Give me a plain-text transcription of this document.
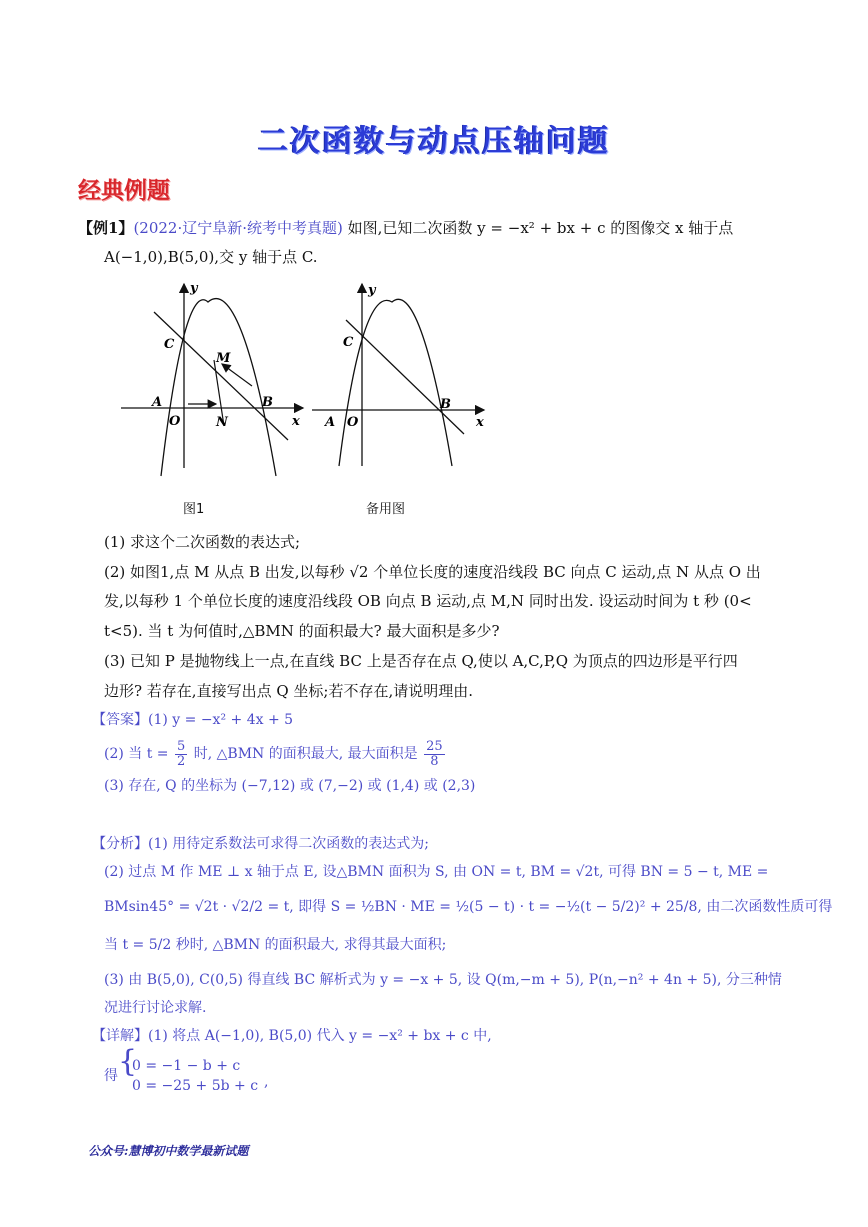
二次函数与动点压轴问题
经典例题
【例1】(2022·辽宁阜新·统考中考真题) 如图,已知二次函数 y = −x² + bx + c 的图像交 x 轴于点
A(−1,0),B(5,0),交 y 轴于点 C.
y
C
M
A	B
O	N	x
图1
y
C
B
A O	x
备用图
(1) 求这个二次函数的表达式;
(2) 如图1,点 M 从点 B 出发,以每秒 √2 个单位长度的速度沿线段 BC 向点 C 运动,点 N 从点 O 出
发,以每秒 1 个单位长度的速度沿线段 OB 向点 B 运动,点 M,N 同时出发. 设运动时间为 t 秒 (0<
t<5). 当 t 为何值时,△BMN 的面积最大? 最大面积是多少?
(3) 已知 P 是抛物线上一点,在直线 BC 上是否存在点 Q,使以 A,C,P,Q 为顶点的四边形是平行四
边形? 若存在,直接写出点 Q 坐标;若不存在,请说明理由.
【答案】(1) y = −x² + 4x + 5
(2) 当 $t = \frac{5}{2}$ 时, △BMN 的面积最大, 最大面积是 $\frac{25}{8}$
(3) 存在, Q 的坐标为 (−7,12) 或 (7,−2) 或 (1,4) 或 (2,3)
【分析】(1) 用待定系数法可求得二次函数的表达式为;
(2) 过点 M 作 ME ⊥ x 轴于点 E, 设△BMN 面积为 S, 由 ON = t, BM = √2t, 可得 BN = 5 − t, ME =
BMsin45° = √2t · √2/2 = t, 即得 S = ½BN · ME = ½(5 − t) · t = −½(t − 5/2)² + 25/8, 由二次函数性质可得
当 t = 5/2 秒时, △BMN 的面积最大, 求得其最大面积;
(3) 由 B(5,0), C(0,5) 得直线 BC 解析式为 y = −x + 5, 设 Q(m,−m + 5), P(n,−n² + 4n + 5), 分三种情
况进行讨论求解.
【详解】(1) 将点 A(−1,0), B(5,0) 代入 y = −x² + bx + c 中,
得 {
0 = −1 − b + c
0 = −25 + 5b + c ,
公众号:慧博初中数学最新试题
